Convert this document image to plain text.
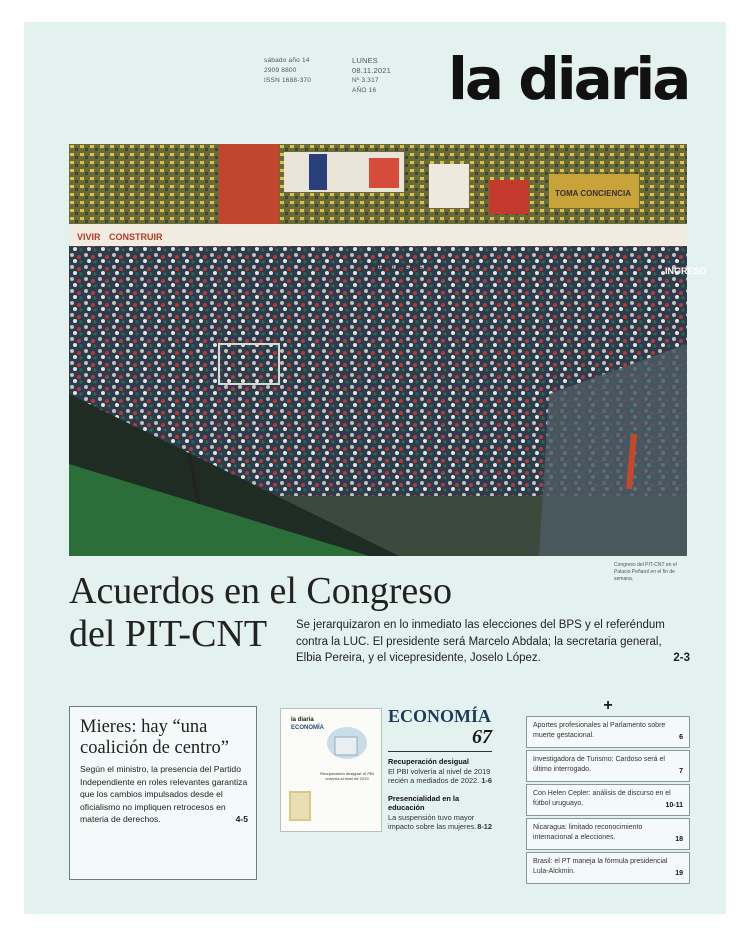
sábado año 14
2909 8800
ISSN 1688-370
LUNES
08.11.2021
Nº 3.317
AÑO 16 la diaria
VIVIR CONSTRUIR
ESPECIALISTAS	INGRESO
TOMA CONCIENCIA
Congreso del PIT-CNT en el Palacio Peñarol en el fin de semana.
Acuerdos en el Congreso
del PIT-CNT	Se jerarquizaron en lo inmediato las elecciones del BPS y el referéndum contra la LUC. El presidente será Marcelo Abdala; la secretaria general, Elbia Pereira, y el vicepresidente, Joselo López.	2-3
Mieres: hay “una coalición de centro”

Según el ministro, la presencia del Partido Independiente en roles relevantes garantiza que los cambios impulsados desde el oficialismo no impliquen retrocesos en materia de derechos.	4-5

la diaria
ECONOMÍA
Recuperación desigual: el PBI volvería al nivel de 2019
ECONOMÍA
67
Recuperación desigual
El PBI volvería al nivel de 2019 recién a mediados de 2022. 1-6
Presencialidad en la educación
La suspensión tuvo mayor impacto sobre las mujeres. 8-12
+
Aportes profesionales al Parlamento sobre muerte gestacional.	6
Investigadora de Turismo: Cardoso será el último interrogado.	7
Con Helen Cepler: análisis de discurso en el fútbol uruguayo.	10-11
Nicaragua: limitado reconocimiento internacional a elecciones.	18
Brasil: el PT maneja la fórmula presidencial Lula-Alckmin.	19
